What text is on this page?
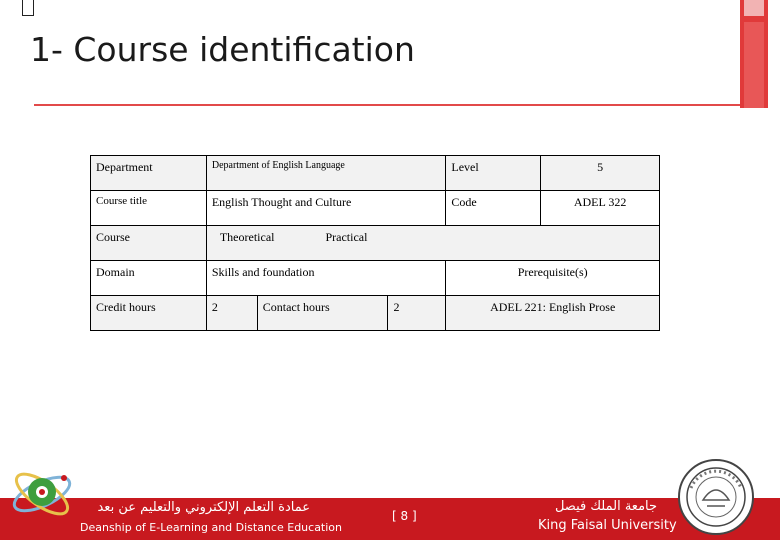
1- Course identification
Department	Department of English Language			Level	5
Course title	English Thought and Culture			Code	ADEL 322
Course	Theoretical Practical				
Domain	Skills and foundation			Prerequisite(s)	
Credit hours	2	Contact hours	2	ADEL 221: English Prose	
عمادة التعلم الإلكتروني والتعليم عن بعد
Deanship of E-Learning and Distance Education
[ 8 ]
جامعة الملك فيصل
King Faisal University
